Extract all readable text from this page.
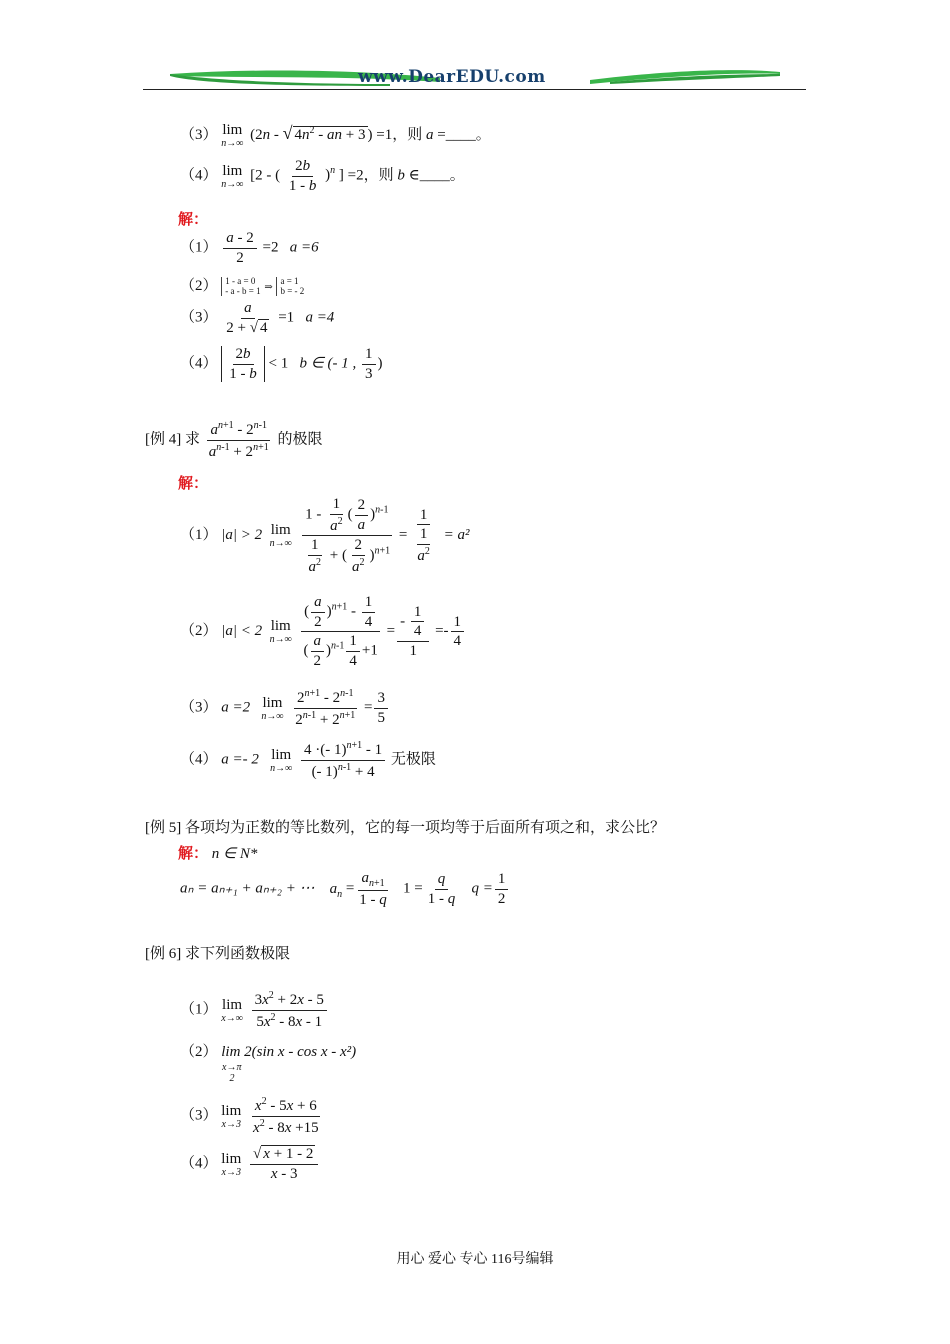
www.DearEDU.com
（3） lim
n→∞
(2n - √ $4n^2$ - an + 3 ) =1，则 a =____。
（4） lim
n→∞
[2 - ( $\frac{2b}{1 - b} )^n$ ] =2，则 b ∈____。
解：
$(1) \frac{a - 2}{2} =2$ a =6
（2） 1 - a = 0
- a - b = 1 ⇒
a = 1
b = - 2
$(3) \frac{a}{2 + √ 4} =1$ a =4
$(4) \frac{2b}{1 - b} < 1$ b ∈ (- 1 , $\frac{1}{3}$ )
[例 4] 求 $\frac{a^{n+1} - 2^{n-1}}{a^{n-1} + 2^{n+1}}$ 的极限
解：
（1） |a| > 2 lim
n→∞
$\frac{1 - \frac{1}{a^2} ( \frac{2}{a} )^{n-1}}{\frac{1}{a^2} + ( \frac{2}{a^2} )^{n+1}} = \frac{1}{\frac{1}{a^2}} = a^2$
（2） |a| < 2 lim
n→∞
$\frac{( \frac{a}{2} )^{n+1} - \frac{1}{4}}{( \frac{a}{2} )^{n-1} \frac{1}{4} +1} = \frac{- \frac{1}{4}}{1} =- \frac{1}{4}$
（3） a =2 lim
n→∞
$\frac{2^{n+1} - 2^{n-1}}{2^{n-1} + 2^{n+1}} = \frac{3}{5}$
（4） a =- 2 lim
n→∞
$\frac{4 \cdot(- 1)^{n+1} - 1}{(- 1)^{n-1} + 4}$ 无极限
[例 5] 各项均为正数的等比数列，它的每一项均等于后面所有项之和，求公比？
解： n ∈ N*
aₙ = aₙ₊₁ + aₙ₊₂ + ⋯ $a_n = \frac{a_{n+1}}{1 - q} 1 = \frac{q}{1 - q}$ $q = \frac{1}{2}$
[例 6] 求下列函数极限
（1） lim
x→∞
$\frac{3x^2 + 2x - 5}{5x^2 - 8x - 1}$
（2） lim 2(sin x - cos x - x²)
x→π
2
（3） lim
x→3
$\frac{x^2 - 5x + 6}{x^2 - 8x +15}$
（4） lim
x→3
$\frac{√ x + 1 - 2}{x - 3}$
用心 爱心 专心 116号编辑
